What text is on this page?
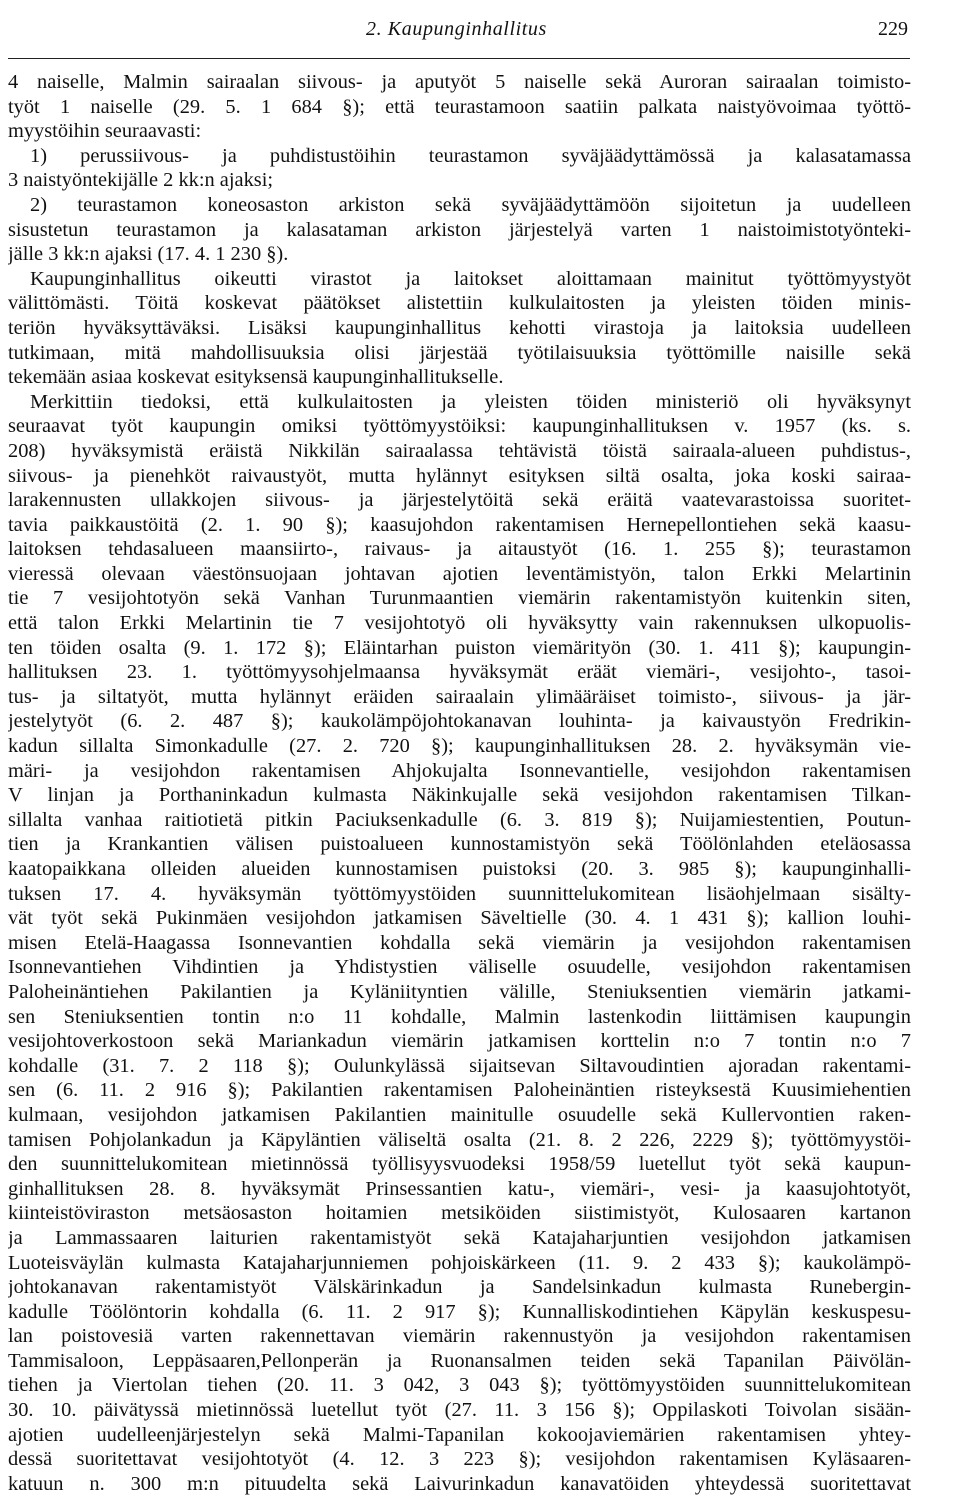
2. Kaupunginhallitus	229
4 naiselle, Malmin sairaalan siivous- ja aputyöt 5 naiselle sekä Auroran sairaalan toimisto-
työt 1 naiselle (29. 5. 1 684 §); että teurastamoon saatiin palkata naistyövoimaa työttö-
myystöihin seuraavasti:
1) perussiivous- ja puhdistustöihin teurastamon syväjäädyttämössä ja kalasatamassa
3 naistyöntekijälle 2 kk:n ajaksi;
2) teurastamon koneosaston arkiston sekä syväjäädyttämöön sijoitetun ja uudelleen
sisustetun teurastamon ja kalasataman arkiston järjestelyä varten 1 naistoimistotyönteki-
jälle 3 kk:n ajaksi (17. 4. 1 230 §).
Kaupunginhallitus oikeutti virastot ja laitokset aloittamaan mainitut työttömyystyöt
välittömästi. Töitä koskevat päätökset alistettiin kulkulaitosten ja yleisten töiden minis-
teriön hyväksyttäväksi. Lisäksi kaupunginhallitus kehotti virastoja ja laitoksia uudelleen
tutkimaan, mitä mahdollisuuksia olisi järjestää työtilaisuuksia työttömille naisille sekä
tekemään asiaa koskevat esityksensä kaupunginhallitukselle.
Merkittiin tiedoksi, että kulkulaitosten ja yleisten töiden ministeriö oli hyväksynyt
seuraavat työt kaupungin omiksi työttömyystöiksi: kaupunginhallituksen v. 1957 (ks. s.
208) hyväksymistä eräistä Nikkilän sairaalassa tehtävistä töistä sairaala-alueen puhdistus-,
siivous- ja pienehköt raivaustyöt, mutta hylännyt esityksen siltä osalta, joka koski sairaa-
larakennusten ullakkojen siivous- ja järjestelytöitä sekä eräitä vaatevarastoissa suoritet-
tavia paikkaustöitä (2. 1. 90 §); kaasujohdon rakentamisen Hernepellontiehen sekä kaasu-
laitoksen tehdasalueen maansiirto-, raivaus- ja aitaustyöt (16. 1. 255 §); teurastamon
vieressä olevaan väestönsuojaan johtavan ajotien leventämistyön, talon Erkki Melartinin
tie 7 vesijohtotyön sekä Vanhan Turunmaantien viemärin rakentamistyön kuitenkin siten,
että talon Erkki Melartinin tie 7 vesijohtotyö oli hyväksytty vain rakennuksen ulkopuolis-
ten töiden osalta (9. 1. 172 §); Eläintarhan puiston viemärityön (30. 1. 411 §); kaupungin-
hallituksen 23. 1. työttömyysohjelmaansa hyväksymät eräät viemäri-, vesijohto-, tasoi-
tus- ja siltatyöt, mutta hylännyt eräiden sairaalain ylimääräiset toimisto-, siivous- ja jär-
jestelytyöt (6. 2. 487 §); kaukolämpöjohtokanavan louhinta- ja kaivaustyön Fredrikin-
kadun sillalta Simonkadulle (27. 2. 720 §); kaupunginhallituksen 28. 2. hyväksymän vie-
märi- ja vesijohdon rakentamisen Ahjokujalta Isonnevantielle, vesijohdon rakentamisen
V linjan ja Porthaninkadun kulmasta Näkinkujalle sekä vesijohdon rakentamisen Tilkan-
sillalta vanhaa raitiotietä pitkin Paciuksenkadulle (6. 3. 819 §); Nuijamiestentien, Poutun-
tien ja Krankantien välisen puistoalueen kunnostamistyön sekä Töölönlahden eteläosassa
kaatopaikkana olleiden alueiden kunnostamisen puistoksi (20. 3. 985 §); kaupunginhalli-
tuksen 17. 4. hyväksymän työttömyystöiden suunnittelukomitean lisäohjelmaan sisälty-
vät työt sekä Pukinmäen vesijohdon jatkamisen Säveltielle (30. 4. 1 431 §); kallion louhi-
misen Etelä-Haagassa Isonnevantien kohdalla sekä viemärin ja vesijohdon rakentamisen
Isonnevantiehen Vihdintien ja Yhdistystien väliselle osuudelle, vesijohdon rakentamisen
Paloheinäntiehen Pakilantien ja Kyläniityntien välille, Steniuksentien viemärin jatkami-
sen Steniuksentien tontin n:o 11 kohdalle, Malmin lastenkodin liittämisen kaupungin
vesijohtoverkostoon sekä Mariankadun viemärin jatkamisen korttelin n:o 7 tontin n:o 7
kohdalle (31. 7. 2 118 §); Oulunkylässä sijaitsevan Siltavoudintien ajoradan rakentami-
sen (6. 11. 2 916 §); Pakilantien rakentamisen Paloheinäntien risteyksestä Kuusimiehentien
kulmaan, vesijohdon jatkamisen Pakilantien mainitulle osuudelle sekä Kullervontien raken-
tamisen Pohjolankadun ja Käpyläntien väliseltä osalta (21. 8. 2 226, 2229 §); työttömyystöi-
den suunnittelukomitean mietinnössä työllisyysvuodeksi 1958/59 luetellut työt sekä kaupun-
ginhallituksen 28. 8. hyväksymät Prinsessantien katu-, viemäri-, vesi- ja kaasujohtotyöt,
kiinteistöviraston metsäosaston hoitamien metsiköiden siistimistyöt, Kulosaaren kartanon
ja Lammassaaren laiturien rakentamistyöt sekä Katajaharjuntien vesijohdon jatkamisen
Luoteisväylän kulmasta Katajaharjunniemen pohjoiskärkeen (11. 9. 2 433 §); kaukolämpö-
johtokanavan rakentamistyöt Välskärinkadun ja Sandelsinkadun kulmasta Runebergin-
kadulle Töölöntorin kohdalla (6. 11. 2 917 §); Kunnalliskodintiehen Käpylän keskuspesu-
lan poistovesiä varten rakennettavan viemärin rakennustyön ja vesijohdon rakentamisen
Tammisaloon, Leppäsaaren,Pellonperän ja Ruonansalmen teiden sekä Tapanilan Päivölän-
tiehen ja Viertolan tiehen (20. 11. 3 042, 3 043 §); työttömyystöiden suunnittelukomitean
30. 10. päivätyssä mietinnössä luetellut työt (27. 11. 3 156 §); Oppilaskoti Toivolan sisään-
ajotien uudelleenjärjestelyn sekä Malmi-Tapanilan kokoojaviemärien rakentamisen yhtey-
dessä suoritettavat vesijohtotyöt (4. 12. 3 223 §); vesijohdon rakentamisen Kyläsaaren-
katuun n. 300 m:n pituudelta sekä Laivurinkadun kanavatöiden yhteydessä suoritettavat
